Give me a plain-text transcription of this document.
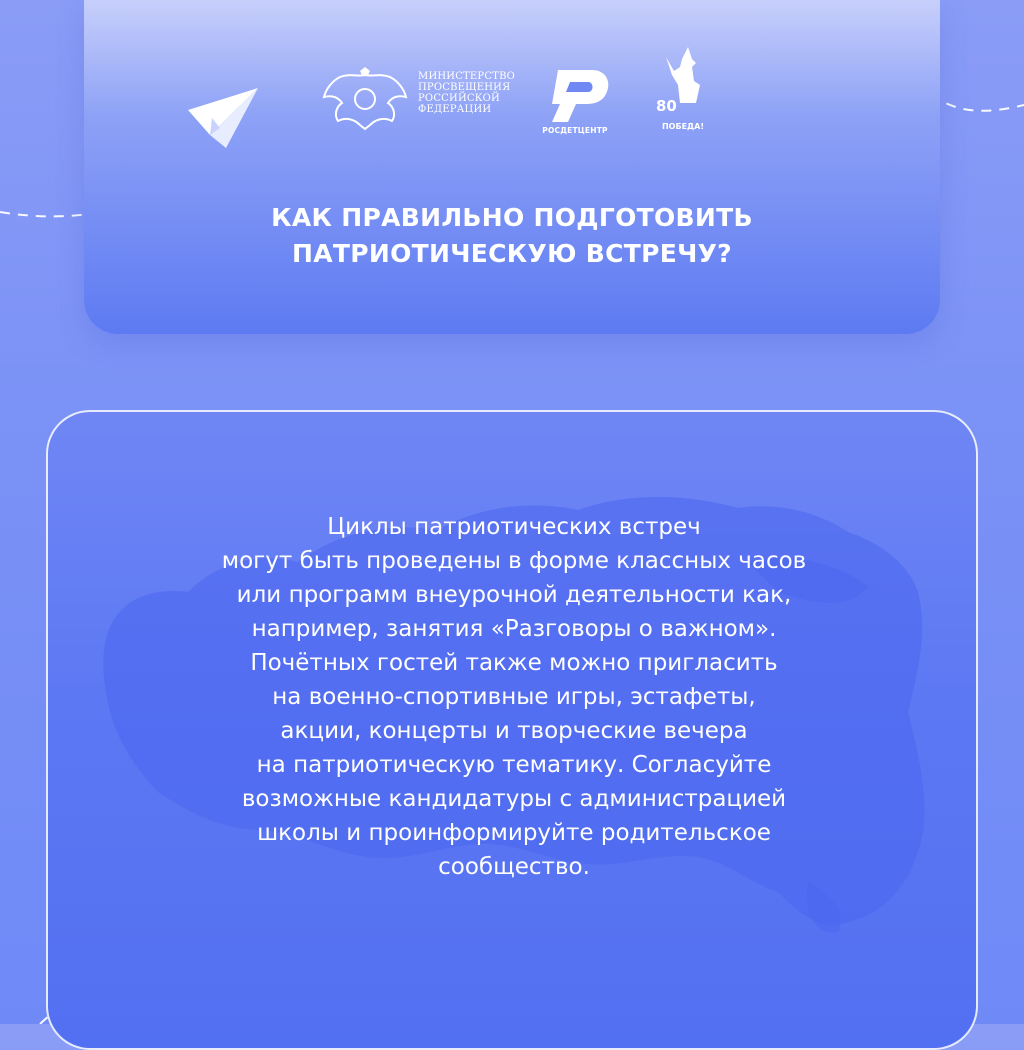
МИНИСТЕРСТВО
ПРОСВЕЩЕНИЯ
РОССИЙСКОЙ
ФЕДЕРАЦИИ
РОСДЕТЦЕНТР
80
ПОБЕДА!
КАК ПРАВИЛЬНО ПОДГОТОВИТЬ
ПАТРИОТИЧЕСКУЮ ВСТРЕЧУ?
Циклы патриотических встреч
могут быть проведены в форме классных часов
или программ внеурочной деятельности как,
например, занятия «Разговоры о важном».
Почётных гостей также можно пригласить
на военно-спортивные игры, эстафеты,
акции, концерты и творческие вечера
на патриотическую тематику. Согласуйте
возможные кандидатуры с администрацией
школы и проинформируйте родительское
сообщество.
